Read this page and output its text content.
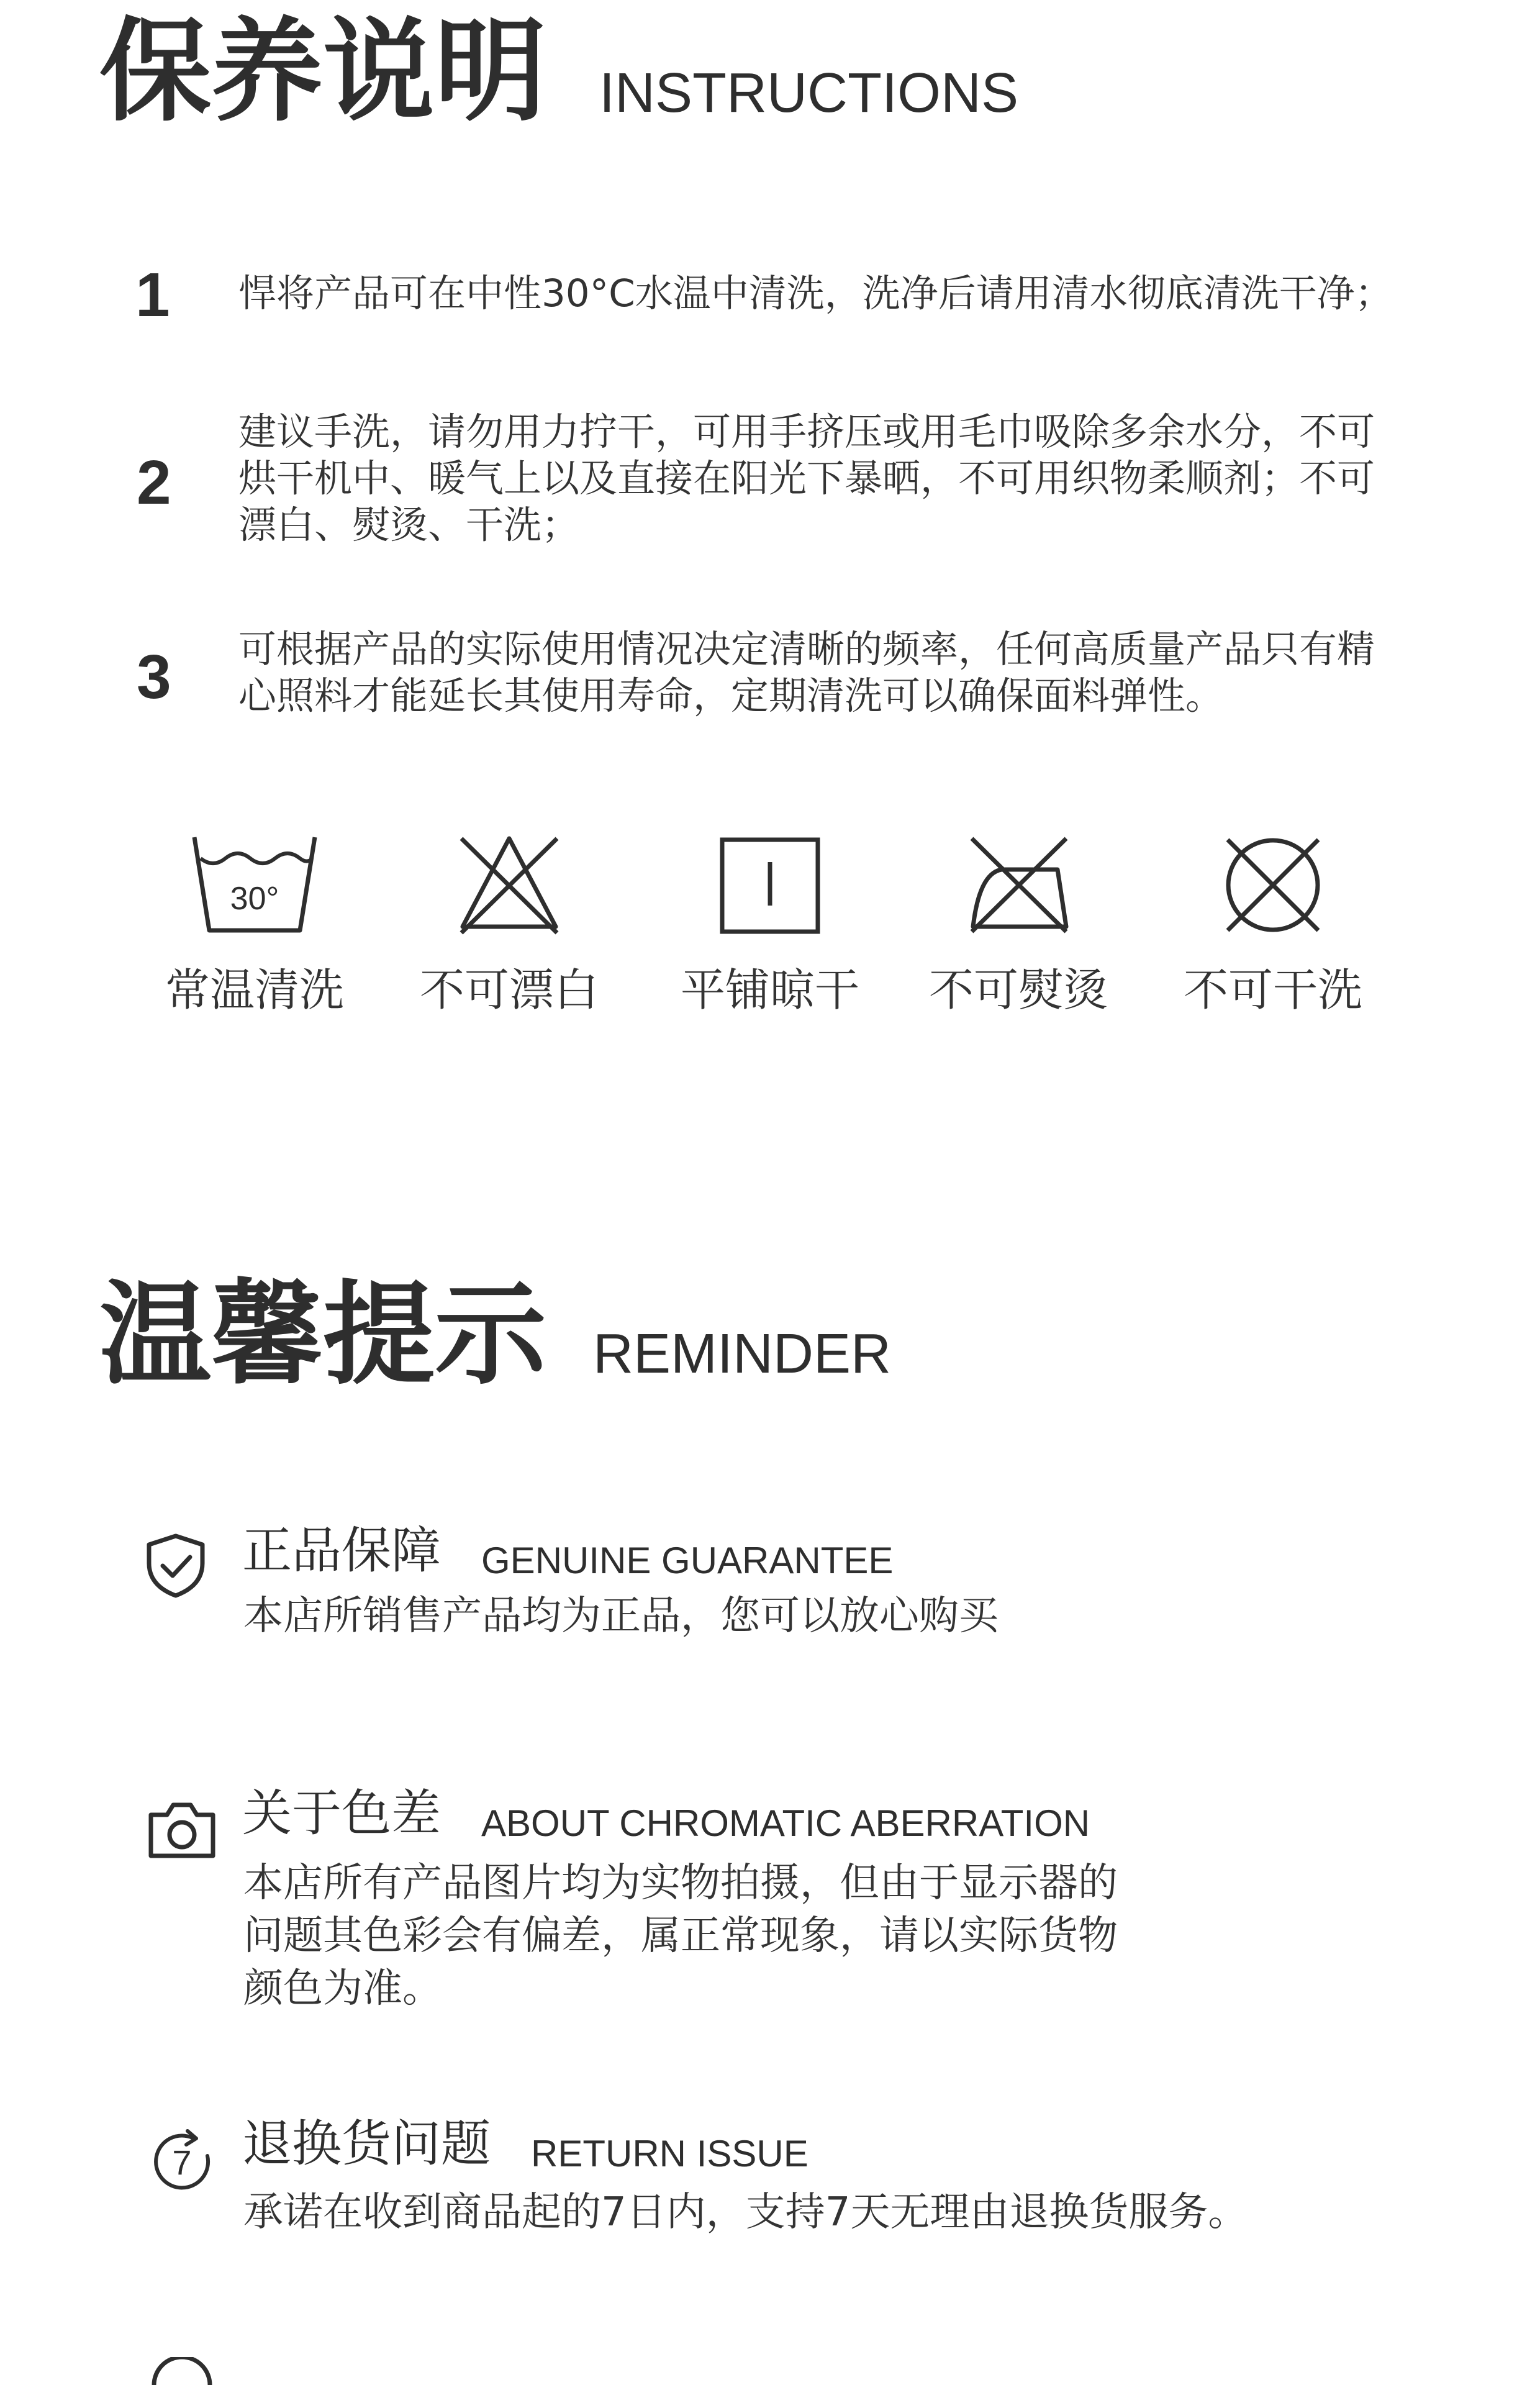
保养说明 INSTRUCTIONS
1 悍将产品可在中性30°C水温中清洗，洗净后请用清水彻底清洗干净；
2
建议手洗，请勿用力拧干，可用手挤压或用毛巾吸除多余水分，不可
烘干机中、暖气上以及直接在阳光下暴晒，不可用织物柔顺剂；不可
漂白、熨烫、干洗；
3 可根据产品的实际使用情况决定清晰的频率，任何高质量产品只有精
心照料才能延长其使用寿命，定期清洗可以确保面料弹性。
30°
常温清洗	不可漂白	平铺晾干	不可熨烫	不可干洗
温馨提示 REMINDER
正品保障 GENUINE GUARANTEE
本店所销售产品均为正品，您可以放心购买
关于色差 ABOUT CHROMATIC ABERRATION
本店所有产品图片均为实物拍摄，但由于显示器的
问题其色彩会有偏差，属正常现象，请以实际货物
颜色为准。
7 退换货问题 RETURN ISSUE
承诺在收到商品起的7日内，支持7天无理由退换货服务。
